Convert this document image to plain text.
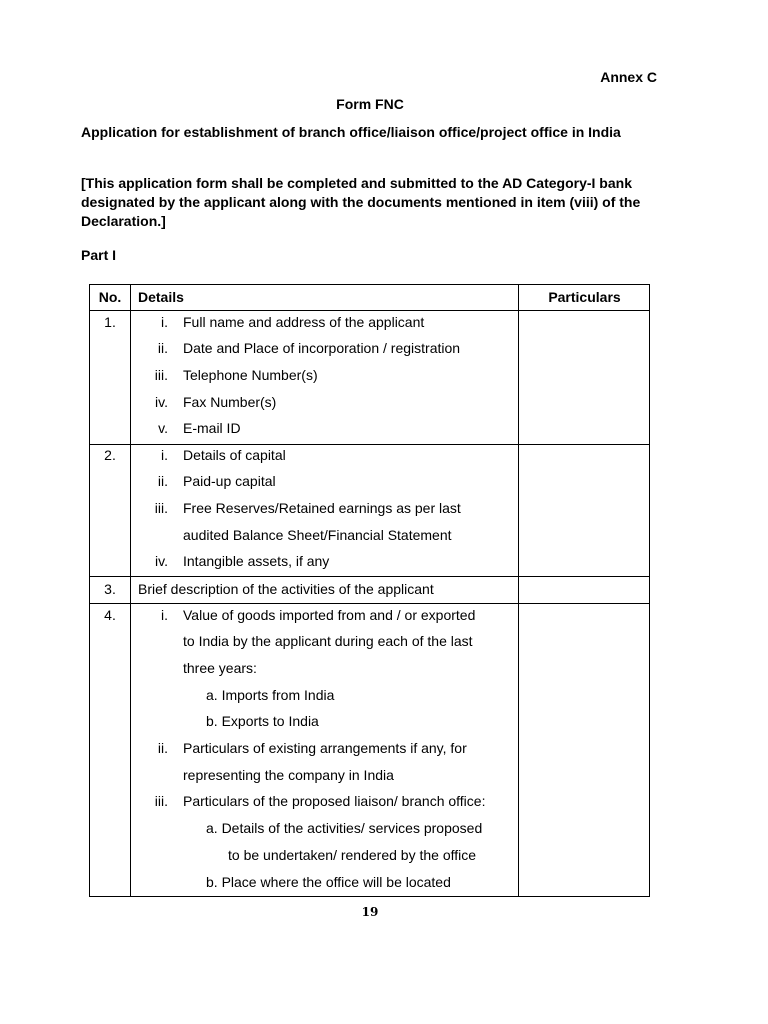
Annex C
Form FNC
Application for establishment of branch office/liaison office/project office in India
[This application form shall be completed and submitted to the AD Category-I bank designated by the applicant along with the documents mentioned in item (viii) of the Declaration.]
Part I
No.	Details	Particulars
1.	i. Full name and address of the applicant
ii. Date and Place of incorporation / registration
iii. Telephone Number(s)
iv. Fax Number(s)
v. E-mail ID
2.	i. Details of capital
ii. Paid-up capital
iii. Free Reserves/Retained earnings as per last
audited Balance Sheet/Financial Statement
iv. Intangible assets, if any
3.	Brief description of the activities of the applicant
4.	i. Value of goods imported from and / or exported
to India by the applicant during each of the last
three years:
a. Imports from India
b. Exports to India
ii. Particulars of existing arrangements if any, for
representing the company in India
iii. Particulars of the proposed liaison/ branch office:
a. Details of the activities/ services proposed
to be undertaken/ rendered by the office
b. Place where the office will be located
19
